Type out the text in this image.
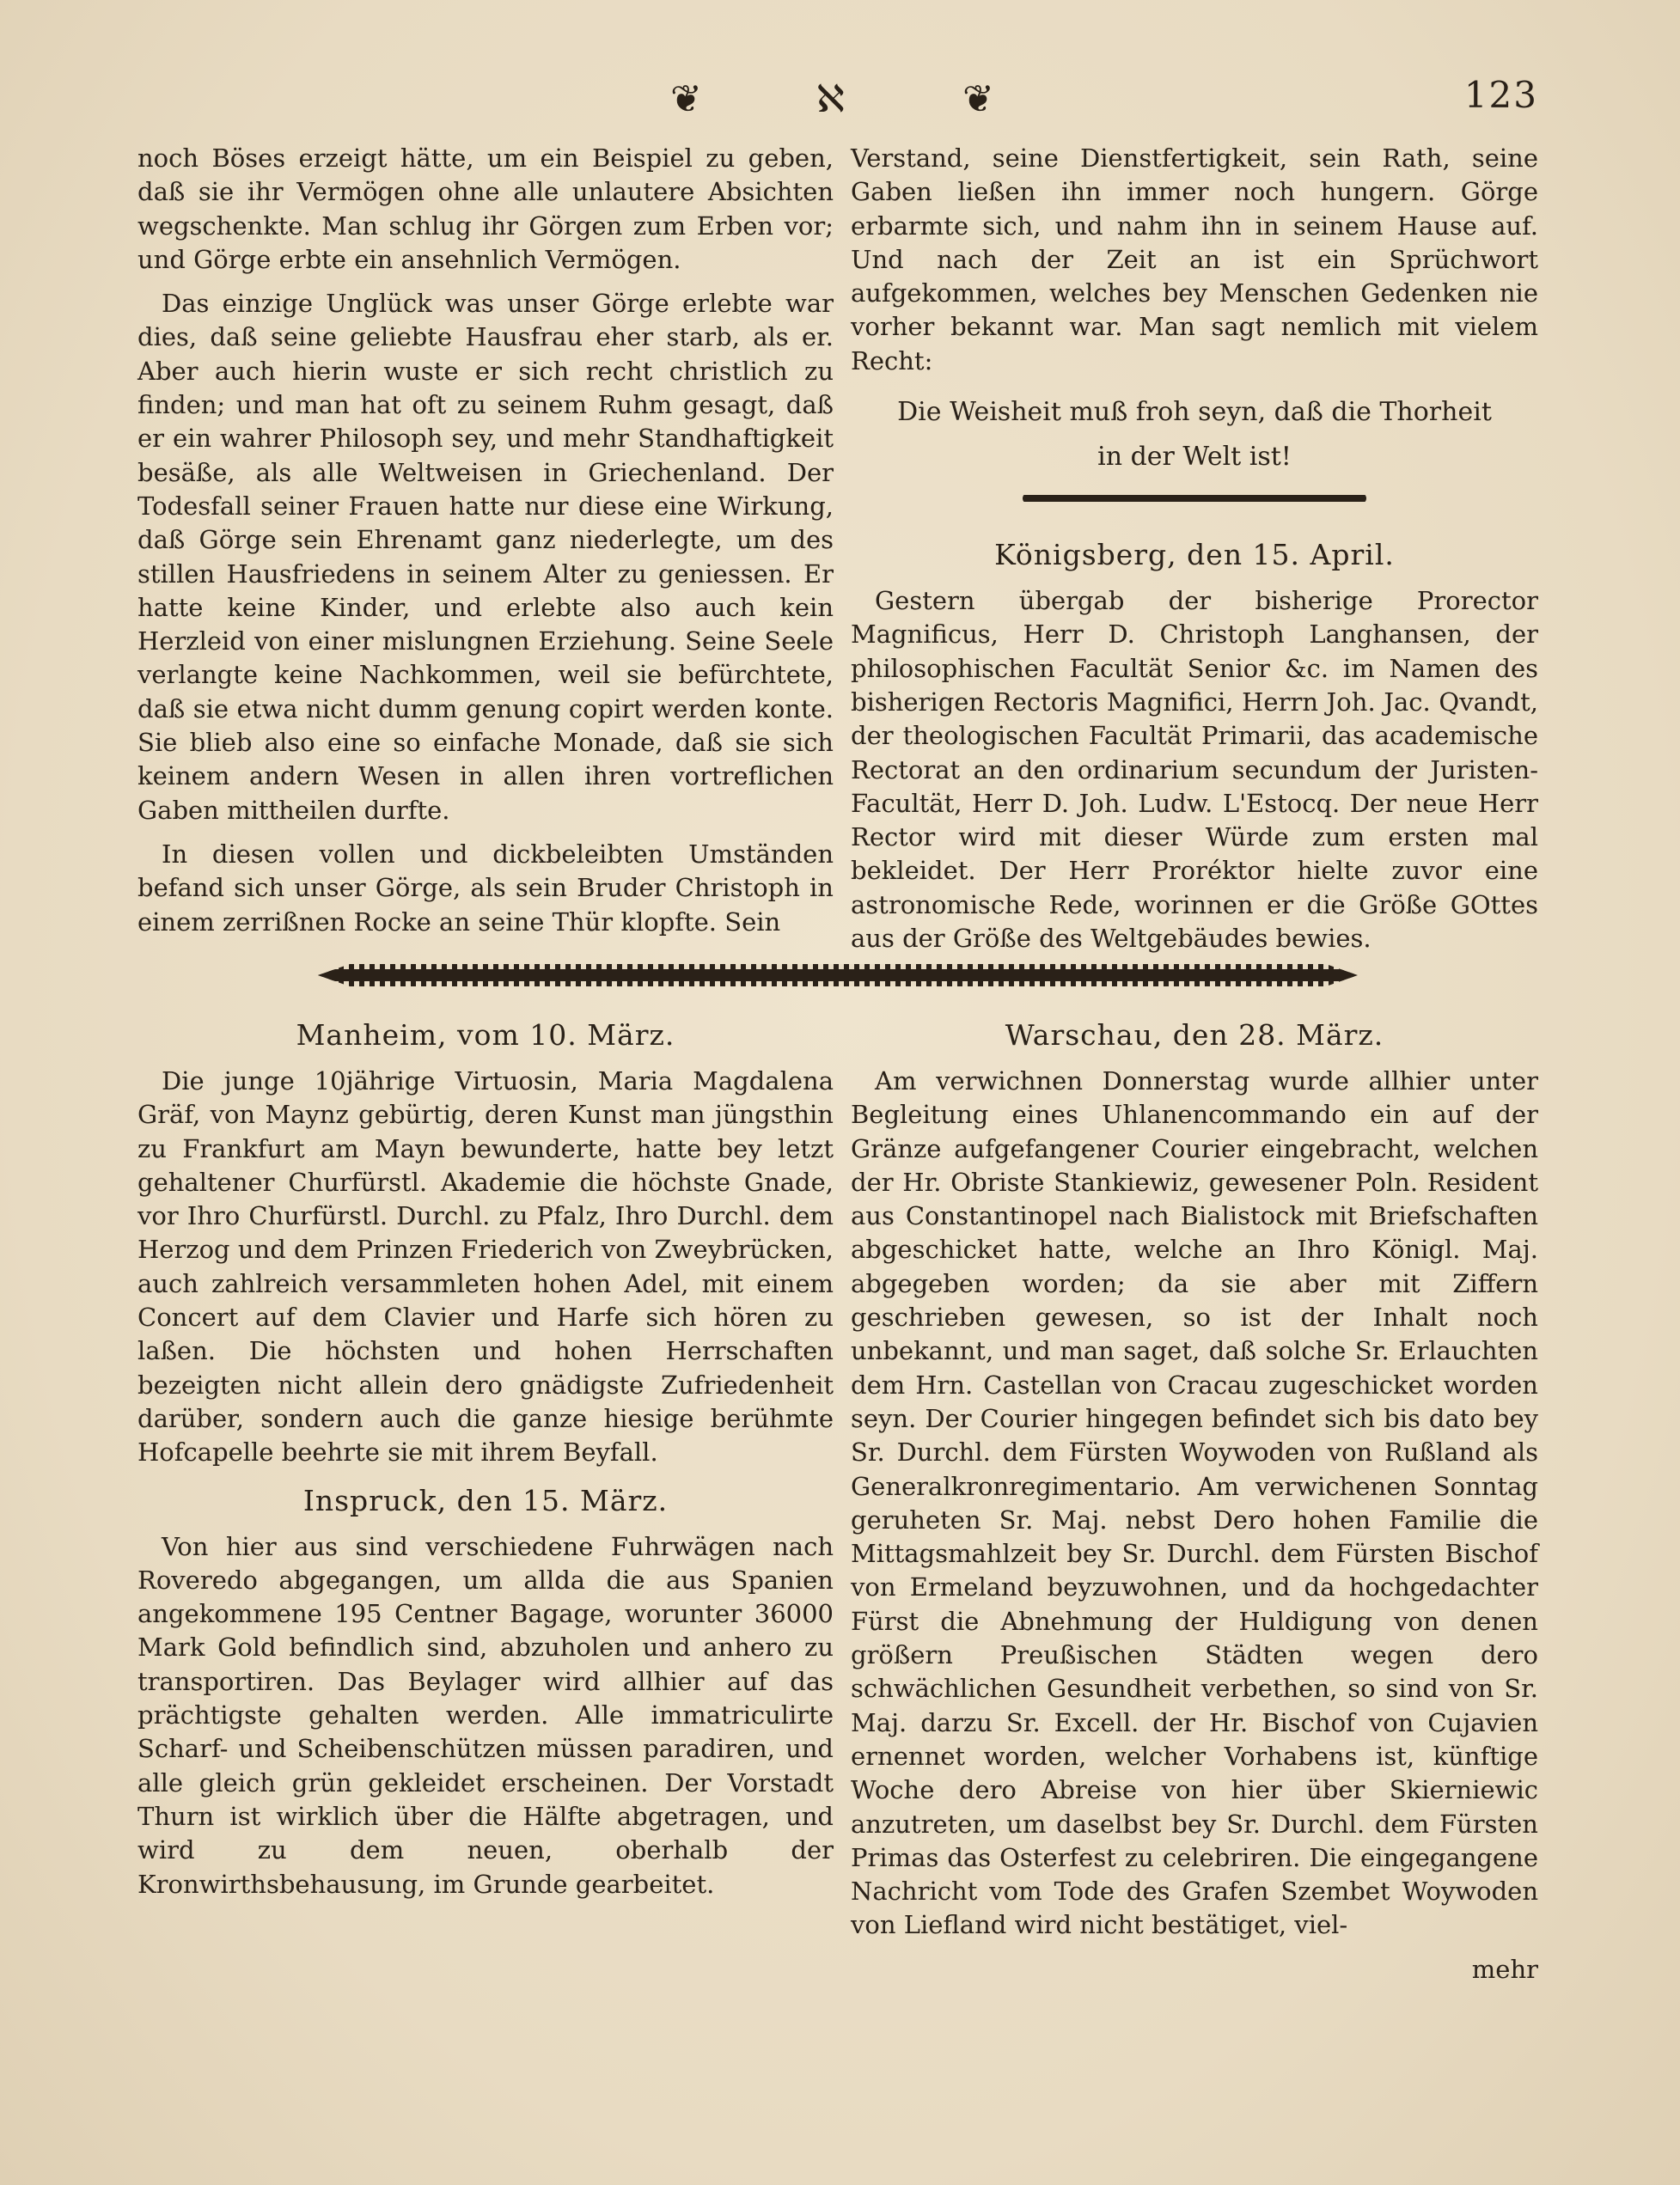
❦	ℵ	❦	123

noch Böses erzeigt hätte, um ein Beispiel zu geben, daß sie ihr Vermögen ohne alle unlautere Absichten wegschenkte. Man schlug ihr Görgen zum Erben vor; und Görge erbte ein ansehnlich Vermögen.

Das einzige Unglück was unser Görge erlebte war dies, daß seine geliebte Hausfrau eher starb, als er. Aber auch hierin wuste er sich recht christlich zu finden; und man hat oft zu seinem Ruhm gesagt, daß er ein wahrer Philosoph sey, und mehr Standhaftigkeit besäße, als alle Weltweisen in Griechenland. Der Todesfall seiner Frauen hatte nur diese eine Wirkung, daß Görge sein Ehrenamt ganz niederlegte, um des stillen Hausfriedens in seinem Alter zu geniessen. Er hatte keine Kinder, und erlebte also auch kein Herzleid von einer mislungnen Erziehung. Seine Seele verlangte keine Nachkommen, weil sie befürchtete, daß sie etwa nicht dumm genung copirt werden konte. Sie blieb also eine so einfache Monade, daß sie sich keinem andern Wesen in allen ihren vortreflichen Gaben mittheilen durfte.

In diesen vollen und dickbeleibten Umständen befand sich unser Görge, als sein Bruder Christoph in einem zerrißnen Rocke an seine Thür klopfte. Sein

Verstand, seine Dienstfertigkeit, sein Rath, seine Gaben ließen ihn immer noch hungern. Görge erbarmte sich, und nahm ihn in seinem Hause auf. Und nach der Zeit an ist ein Sprüchwort aufgekommen, welches bey Menschen Gedenken nie vorher bekannt war. Man sagt nemlich mit vielem Recht:

Die Weisheit muß froh seyn, daß die Thorheit
in der Welt ist!
Königsberg, den 15. April.

Gestern übergab der bisherige Prorector Magnificus, Herr D. Christoph Langhansen, der philosophischen Facultät Senior &c. im Namen des bisherigen Rectoris Magnifici, Herrn Joh. Jac. Qvandt, der theologischen Facultät Primarii, das academische Rectorat an den ordinarium secundum der Juristen-Facultät, Herr D. Joh. Ludw. L'Estocq. Der neue Herr Rector wird mit dieser Würde zum ersten mal bekleidet. Der Herr Proréktor hielte zuvor eine astronomische Rede, worinnen er die Größe GOttes aus der Größe des Weltgebäudes bewies.

Manheim, vom 10. März.

Die junge 10jährige Virtuosin, Maria Magdalena Gräf, von Maynz gebürtig, deren Kunst man jüngsthin zu Frankfurt am Mayn bewunderte, hatte bey letzt gehaltener Churfürstl. Akademie die höchste Gnade, vor Ihro Churfürstl. Durchl. zu Pfalz, Ihro Durchl. dem Herzog und dem Prinzen Friederich von Zweybrücken, auch zahlreich versammleten hohen Adel, mit einem Concert auf dem Clavier und Harfe sich hören zu laßen. Die höchsten und hohen Herrschaften bezeigten nicht allein dero gnädigste Zufriedenheit darüber, sondern auch die ganze hiesige berühmte Hofcapelle beehrte sie mit ihrem Beyfall.

Inspruck, den 15. März.

Von hier aus sind verschiedene Fuhrwägen nach Roveredo abgegangen, um allda die aus Spanien angekommene 195 Centner Bagage, worunter 36000 Mark Gold befindlich sind, abzuholen und anhero zu transportiren. Das Beylager wird allhier auf das prächtigste gehalten werden. Alle immatriculirte Scharf- und Scheibenschützen müssen paradiren, und alle gleich grün gekleidet erscheinen. Der Vorstadt Thurn ist wirklich über die Hälfte abgetragen, und wird zu dem neuen, oberhalb der Kronwirthsbehausung, im Grunde gearbeitet.

Warschau, den 28. März.

Am verwichnen Donnerstag wurde allhier unter Begleitung eines Uhlanencommando ein auf der Gränze aufgefangener Courier eingebracht, welchen der Hr. Obriste Stankiewiz, gewesener Poln. Resident aus Constantinopel nach Bialistock mit Briefschaften abgeschicket hatte, welche an Ihro Königl. Maj. abgegeben worden; da sie aber mit Ziffern geschrieben gewesen, so ist der Inhalt noch unbekannt, und man saget, daß solche Sr. Erlauchten dem Hrn. Castellan von Cracau zugeschicket worden seyn. Der Courier hingegen befindet sich bis dato bey Sr. Durchl. dem Fürsten Woywoden von Rußland als Generalkronregimentario. Am verwichenen Sonntag geruheten Sr. Maj. nebst Dero hohen Familie die Mittagsmahlzeit bey Sr. Durchl. dem Fürsten Bischof von Ermeland beyzuwohnen, und da hochgedachter Fürst die Abnehmung der Huldigung von denen größern Preußischen Städten wegen dero schwächlichen Gesundheit verbethen, so sind von Sr. Maj. darzu Sr. Excell. der Hr. Bischof von Cujavien ernennet worden, welcher Vorhabens ist, künftige Woche dero Abreise von hier über Skierniewic anzutreten, um daselbst bey Sr. Durchl. dem Fürsten Primas das Osterfest zu celebriren. Die eingegangene Nachricht vom Tode des Grafen Szembet Woywoden von Liefland wird nicht bestätiget, viel-

mehr
